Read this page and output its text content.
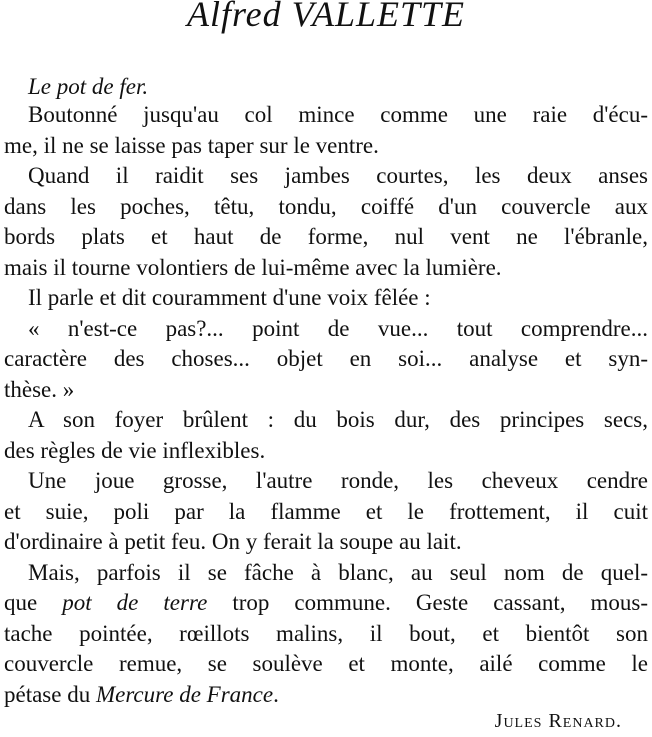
Alfred VALLETTE
Le pot de fer.
Boutonné jusqu'au col mince comme une raie d'écu-
me, il ne se laisse pas taper sur le ventre.
Quand il raidit ses jambes courtes, les deux anses
dans les poches, têtu, tondu, coiffé d'un couvercle aux
bords plats et haut de forme, nul vent ne l'ébranle,
mais il tourne volontiers de lui-même avec la lumière.
Il parle et dit couramment d'une voix fêlée :
« n'est-ce pas?... point de vue... tout comprendre...
caractère des choses... objet en soi... analyse et syn-
thèse. »
A son foyer brûlent : du bois dur, des principes secs,
des règles de vie inflexibles.
Une joue grosse, l'autre ronde, les cheveux cendre
et suie, poli par la flamme et le frottement, il cuit
d'ordinaire à petit feu. On y ferait la soupe au lait.
Mais, parfois il se fâche à blanc, au seul nom de quel-
que pot de terre trop commune. Geste cassant, mous-
tache pointée, rœillots malins, il bout, et bientôt son
couvercle remue, se soulève et monte, ailé comme le
pétase du Mercure de France.
Jules Renard.
